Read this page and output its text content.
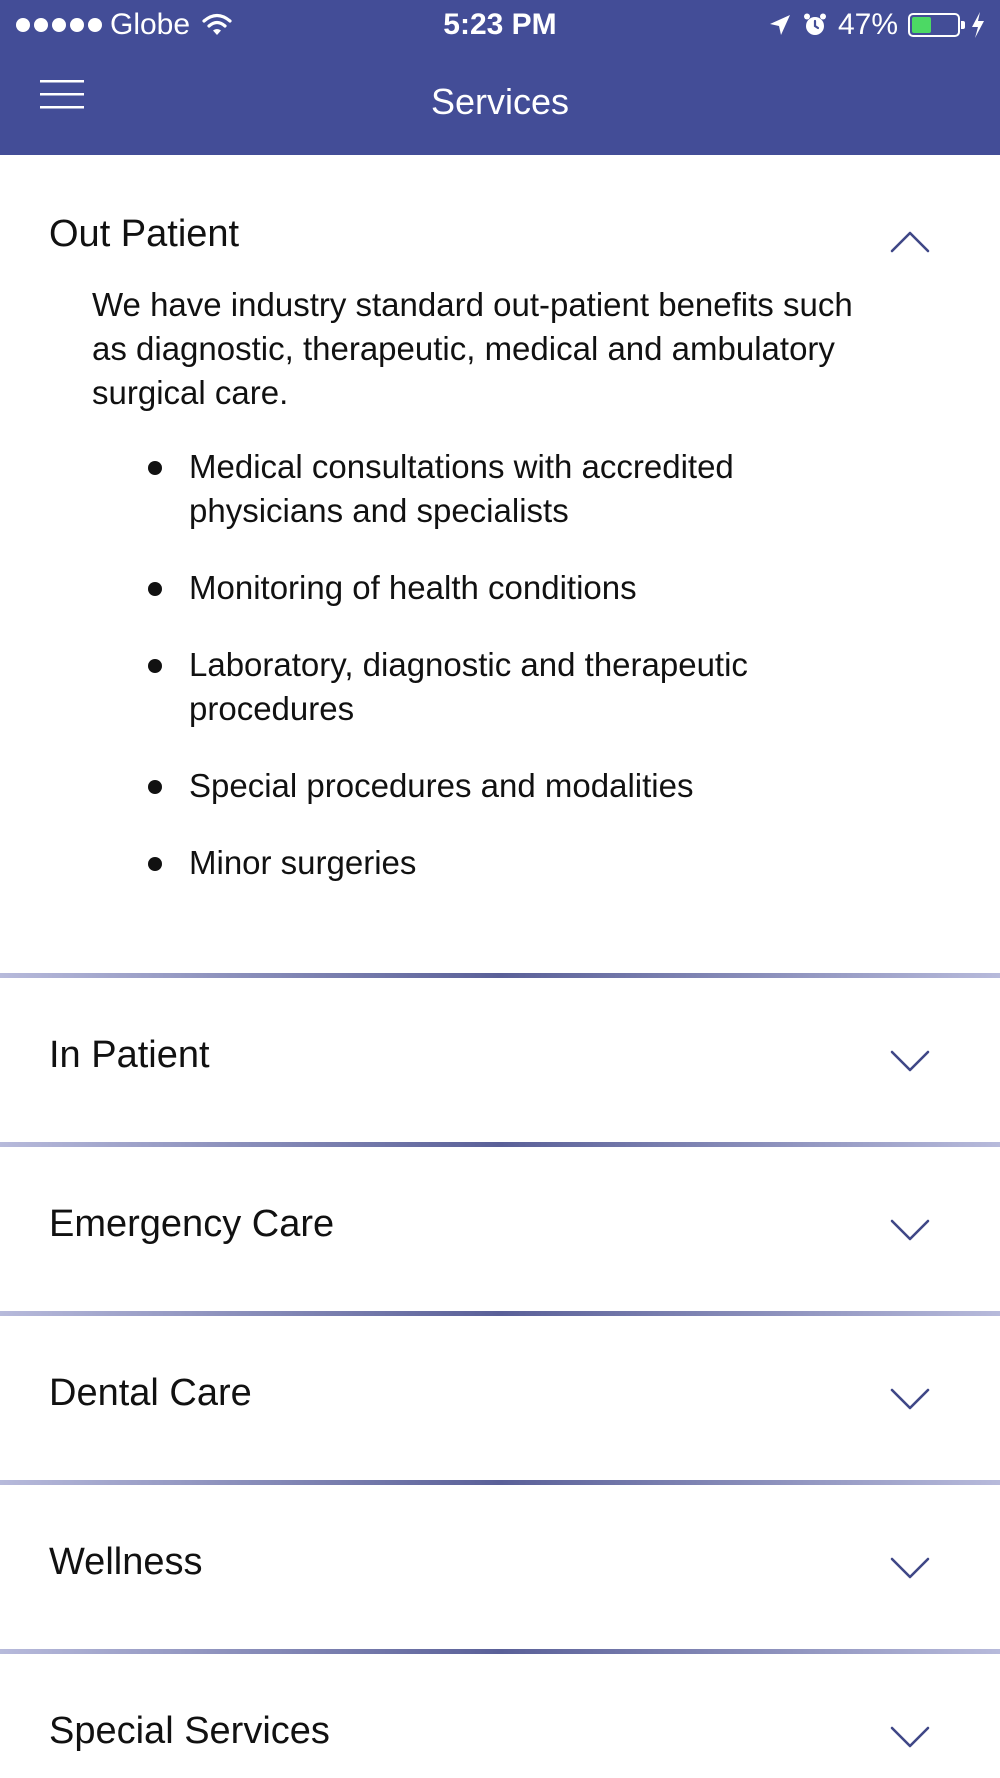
Globe	5:23 PM	47%
Services
Out Patient

We have industry standard out-patient benefits such as diagnostic, therapeutic, medical and ambulatory surgical care.

Medical consultations with accredited physicians and specialists
Monitoring of health conditions
Laboratory, diagnostic and therapeutic procedures
Special procedures and modalities
Minor surgeries
In Patient
Emergency Care
Dental Care
Wellness
Special Services
